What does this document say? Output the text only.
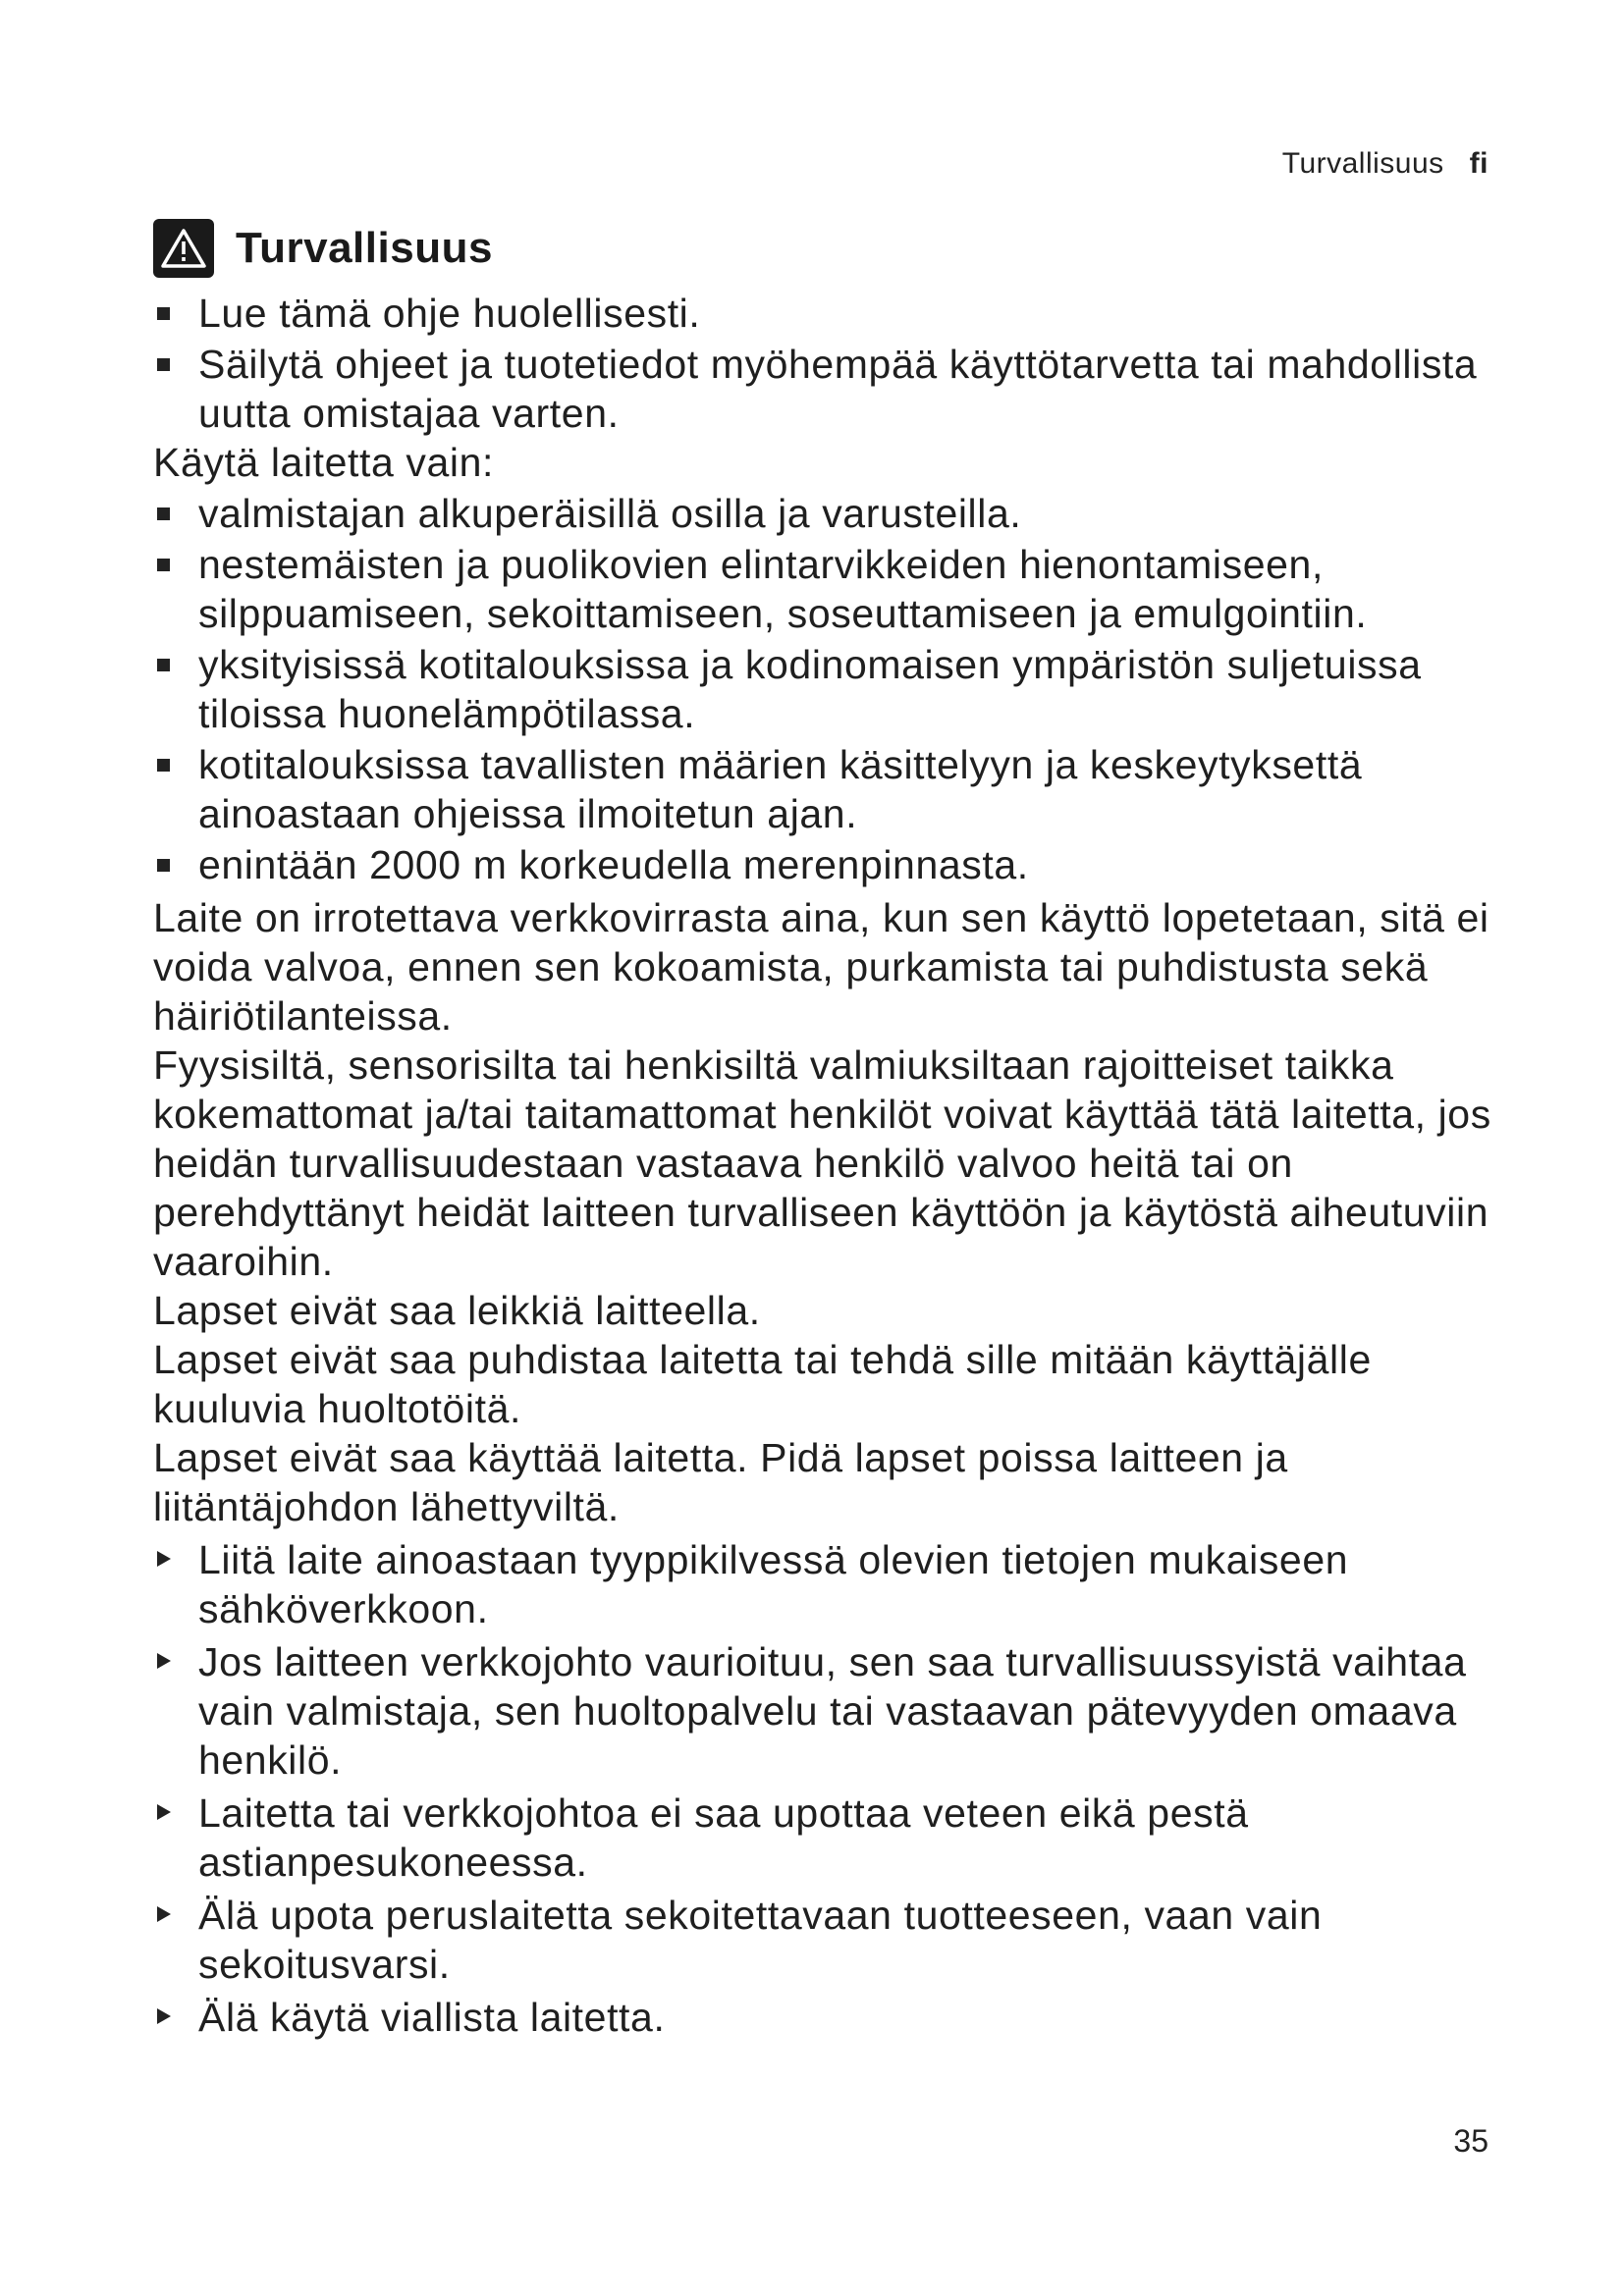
Turvallisuus fi
Turvallisuus
Lue tämä ohje huolellisesti.
Säilytä ohjeet ja tuotetiedot myöhempää käyttötarvetta tai mahdollista uutta omistajaa varten.
Käytä laitetta vain:
valmistajan alkuperäisillä osilla ja varusteilla.
nestemäisten ja puolikovien elintarvikkeiden hienontamiseen, silppuamiseen, sekoittamiseen, soseuttamiseen ja emulgointiin.
yksityisissä kotitalouksissa ja kodinomaisen ympäristön suljetuissa tiloissa huonelämpötilassa.
kotitalouksissa tavallisten määrien käsittelyyn ja keskeytyksettä ainoastaan ohjeissa ilmoitetun ajan.
enintään 2000 m korkeudella merenpinnasta.
Laite on irrotettava verkkovirrasta aina, kun sen käyttö lopetetaan, sitä ei voida valvoa, ennen sen kokoamista, purkamista tai puhdistusta sekä häiriötilanteissa.
Fyysisiltä, sensorisilta tai henkisiltä valmiuksiltaan rajoitteiset taikka kokemattomat ja/tai taitamattomat henkilöt voivat käyttää tätä laitetta, jos heidän turvallisuudestaan vastaava henkilö valvoo heitä tai on perehdyttänyt heidät laitteen turvalliseen käyttöön ja käytöstä aiheutuviin vaaroihin.
Lapset eivät saa leikkiä laitteella.
Lapset eivät saa puhdistaa laitetta tai tehdä sille mitään käyttäjälle kuuluvia huoltotöitä.
Lapset eivät saa käyttää laitetta. Pidä lapset poissa laitteen ja liitäntäjohdon lähettyviltä.
Liitä laite ainoastaan tyyppikilvessä olevien tietojen mukaiseen sähköverkkoon.
Jos laitteen verkkojohto vaurioituu, sen saa turvallisuussyistä vaihtaa vain valmistaja, sen huoltopalvelu tai vastaavan pätevyyden omaava henkilö.
Laitetta tai verkkojohtoa ei saa upottaa veteen eikä pestä astianpesukoneessa.
Älä upota peruslaitetta sekoitettavaan tuotteeseen, vaan vain sekoitusvarsi.
Älä käytä viallista laitetta.
35
